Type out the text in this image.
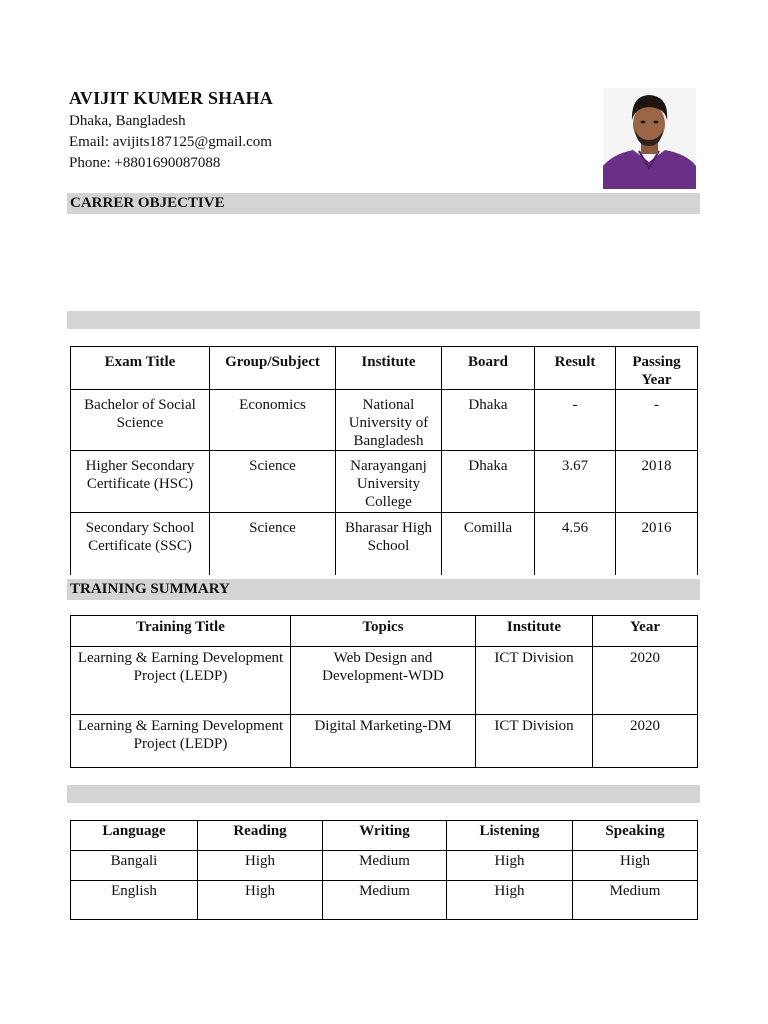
AVIJIT KUMER SHAHA
Dhaka, Bangladesh
Email: avijits187125@gmail.com
Phone: +8801690087088
CARRER OBJECTIVE
Exam Title	Group/Subject	Institute	Board	Result	Passing Year
Bachelor of Social Science	Economics	National University of Bangladesh	Dhaka	-	-
Higher Secondary Certificate (HSC)	Science	Narayanganj University College	Dhaka	3.67	2018
Secondary School Certificate (SSC)	Science	Bharasar High School	Comilla	4.56	2016
TRAINING SUMMARY
Training Title	Topics	Institute	Year
Learning & Earning Development Project (LEDP)	Web Design and Development-WDD	ICT Division	2020
Learning & Earning Development Project (LEDP)	Digital Marketing-DM	ICT Division	2020
Language	Reading	Writing	Listening	Speaking
Bangali	High	Medium	High	High
English	High	Medium	High	Medium
